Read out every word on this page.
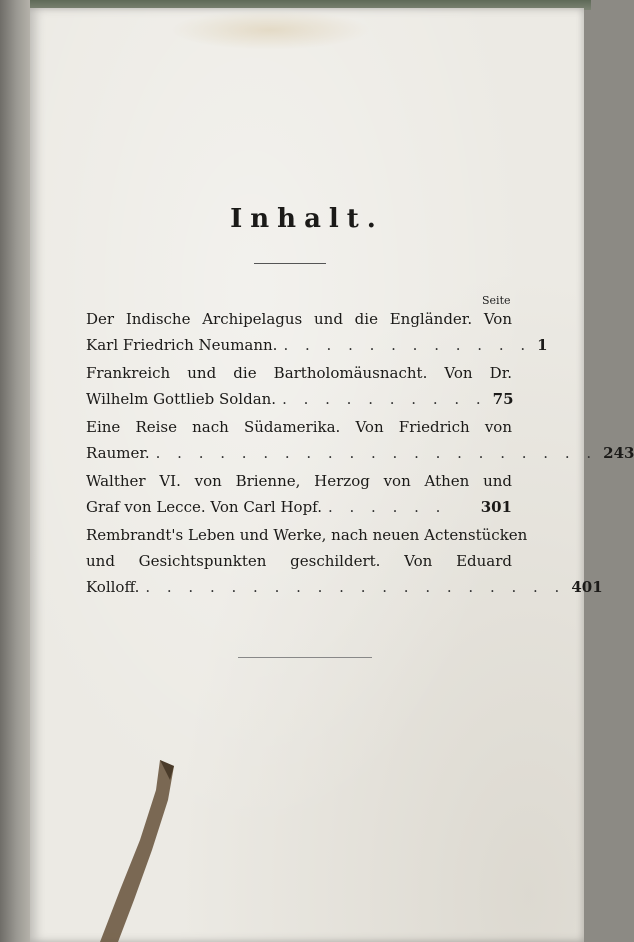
Inhalt.
Seite
Der Indische Archipelagus und die Engländer. Von
Karl Friedrich Neumann. . . . . . . . . . . . . 1
Frankreich und die Bartholomäusnacht. Von Dr.
Wilhelm Gottlieb Soldan. . . . . . . . . . . 75
Eine Reise nach Südamerika. Von Friedrich von
Raumer. . . . . . . . . . . . . . . . . . . . . . 243
Walther VI. von Brienne, Herzog von Athen und
Graf von Lecce. Von Carl Hopf. . . . . . .	301
Rembrandt's Leben und Werke, nach neuen Actenstücken
und Gesichtspunkten geschildert. Von Eduard
Kolloff. . . . . . . . . . . . . . . . . . . . . 401
